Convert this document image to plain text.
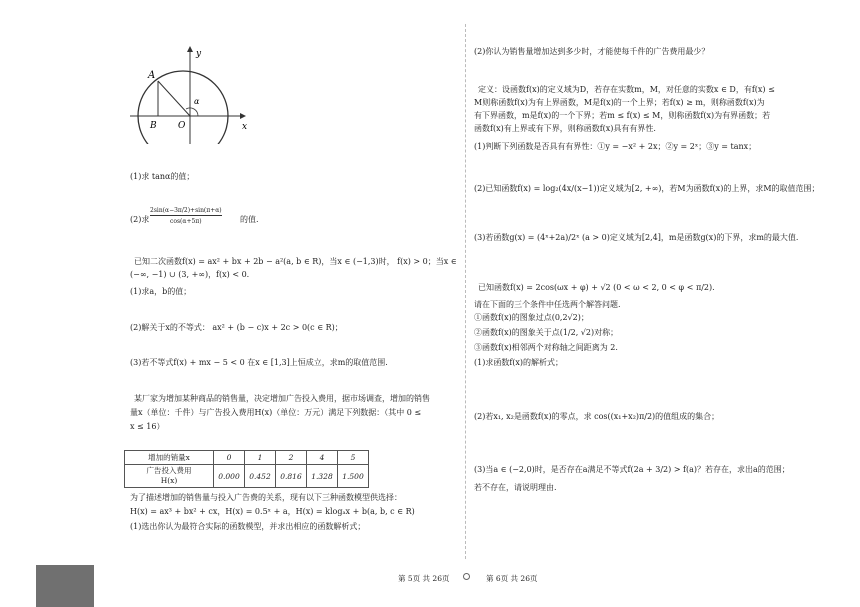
A
B O
α
x
y
(1)求 tanα的值；
(2)求
2sin(α−3π/2)+sin(π+α)
cos(α+5π)	的值.
已知二次函数f(x) = ax² + bx + 2b − a²(a, b ∈ R)，当x ∈ (−1,3)时， f(x) > 0；当x ∈
(−∞, −1) ∪ (3, +∞)，f(x) < 0.
(1)求a，b的值；
(2)解关于x的不等式： ax² + (b − c)x + 2c > 0(c ∈ R)；
(3)若不等式f(x) + mx − 5 < 0 在x ∈ [1,3]上恒成立，求m的取值范围.
某厂家为增加某种商品的销售量，决定增加广告投入费用，据市场调查，增加的销售
量x（单位：千件）与广告投入费用H(x)（单位：万元）满足下列数据：（其中 0 ≤
x ≤ 16）
增加的销量x	0	1	2	4	5

广告投入费用
H(x)	0.000	0.452	0.816	1.328	1.500
为了描述增加的销售量与投入广告费的关系，现有以下三种函数模型供选择：
H(x) = ax³ + bx² + cx，H(x) = 0.5ˣ + a，H(x) = klogₐx + b(a, b, c ∈ R)
(1)选出你认为最符合实际的函数模型，并求出相应的函数解析式；
(2)你认为销售量增加达到多少时，才能使每千件的广告费用最少？
定义：设函数f(x)的定义域为D，若存在实数m，M，对任意的实数x ∈ D，有f(x) ≤
M则称函数f(x)为有上界函数，M是f(x)的一个上界；若f(x) ≥ m，则称函数f(x)为
有下界函数，m是f(x)的一个下界；若m ≤ f(x) ≤ M，则称函数f(x)为有界函数；若
函数f(x)有上界或有下界，则称函数f(x)具有有界性.
(1)判断下列函数是否具有有界性：①y = −x² + 2x；②y = 2ˣ；③y = tanx；
(2)已知函数f(x) = log₂(4x/(x−1))定义域为[2, +∞)，若M为函数f(x)的上界，求M的取值范围；
(3)若函数g(x) = (4ˣ+2a)/2ˣ (a > 0)定义域为[2,4]，m是函数g(x)的下界，求m的最大值.
已知函数f(x) = 2cos(ωx + φ) + √2 (0 < ω < 2, 0 < φ < π/2).
请在下面的三个条件中任选两个解答问题.
①函数f(x)的图象过点(0,2√2)；
②函数f(x)的图象关于点(1/2, √2)对称；
③函数f(x)相邻两个对称轴之间距离为 2.
(1)求函数f(x)的解析式；
(2)若x₁, x₂是函数f(x)的零点，求 cos((x₁+x₂)π/2)的值组成的集合；
(3)当a ∈ (−2,0)时，是否存在a满足不等式f(2a + 3/2) > f(a)？若存在，求出a的范围；
若不存在，请说明理由.
第 5页 共 26页	第 6页 共 26页
